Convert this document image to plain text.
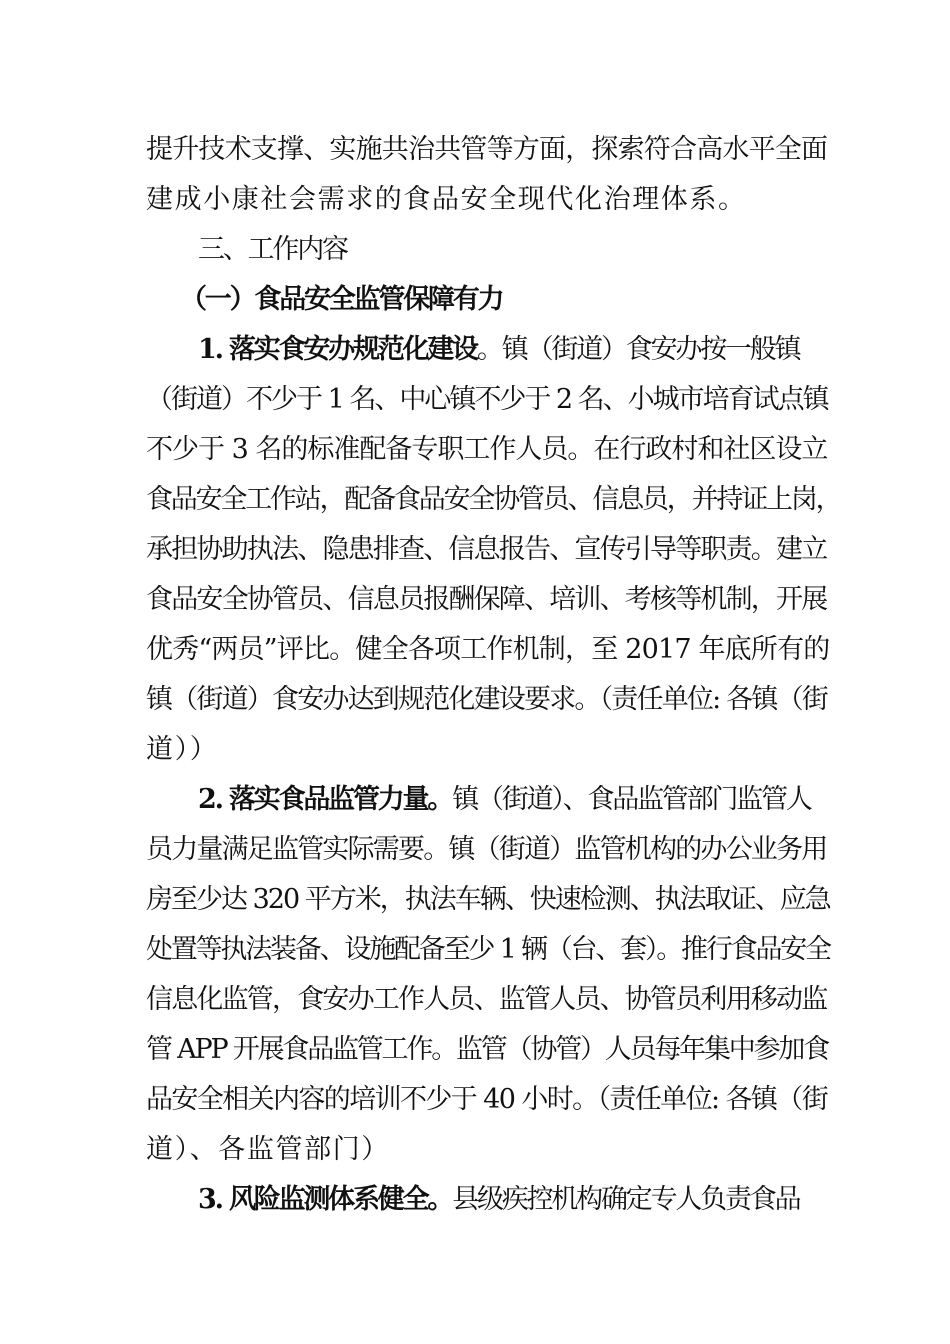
提升技术支撑、实施共治共管等方面，探索符合高水平全面
建成小康社会需求的食品安全现代化治理体系。
三、工作内容
（一）食品安全监管保障有力
1. 落实食安办规范化建设。镇（街道）食安办按一般镇
（街道）不少于 1 名、中心镇不少于 2 名、小城市培育试点镇
不少于 3 名的标准配备专职工作人员。在行政村和社区设立
食品安全工作站，配备食品安全协管员、信息员，并持证上岗，
承担协助执法、隐患排查、信息报告、宣传引导等职责。建立
食品安全协管员、信息员报酬保障、培训、考核等机制，开展
优秀“两员”评比。健全各项工作机制，至 2017 年底所有的
镇（街道）食安办达到规范化建设要求。（责任单位: 各镇（街
道））
2. 落实食品监管力量。镇（街道）、食品监管部门监管人
员力量满足监管实际需要。镇（街道）监管机构的办公业务用
房至少达 320 平方米，执法车辆、快速检测、执法取证、应急
处置等执法装备、设施配备至少 1 辆（台、套）。推行食品安全
信息化监管，食安办工作人员、监管人员、协管员利用移动监
管 APP 开展食品监管工作。监管（协管）人员每年集中参加食
品安全相关内容的培训不少于 40 小时。（责任单位: 各镇（街
道）、各监管部门）
3. 风险监测体系健全。县级疾控机构确定专人负责食品
